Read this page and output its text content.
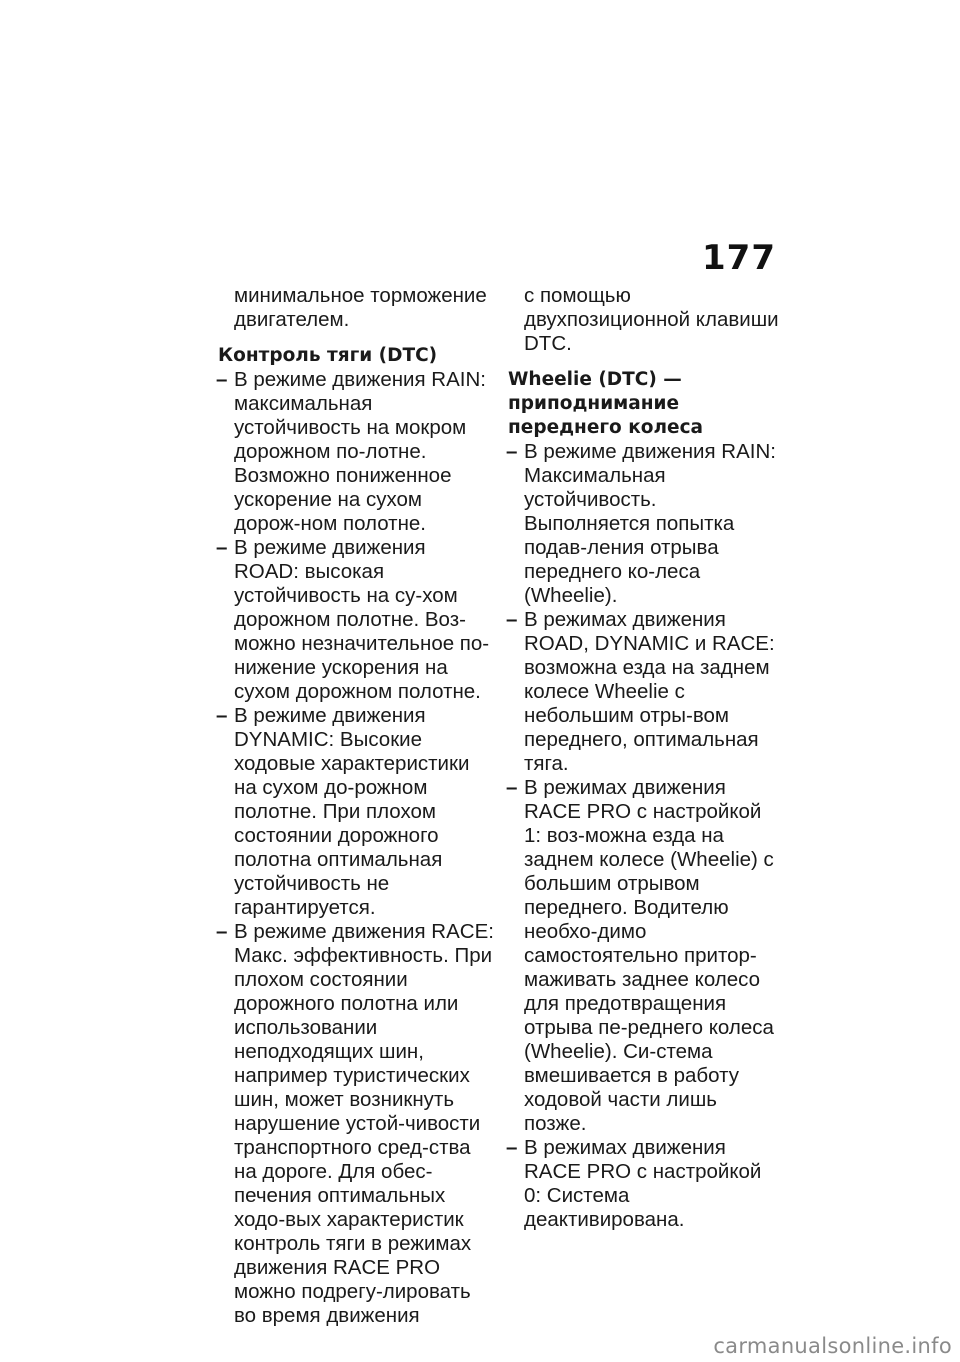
177

минимальное торможение двигателем.

Контроль тяги (DTC)
– В режиме движения RAIN: максимальная устойчивость на мокром дорожном по-лотне. Возможно пониженное ускорение на сухом дорож-ном полотне.
– В режиме движения ROAD: высокая устойчивость на су-хом дорожном полотне. Воз-можно незначительное по-нижение ускорения на сухом дорожном полотне.
– В режиме движения DYNAMIC: Высокие ходовые характеристики на сухом до-рожном полотне. При плохом состоянии дорожного полотна оптимальная устойчивость не гарантируется.
– В режиме движения RACE: Макс. эффективность. При плохом состоянии дорожного полотна или использовании неподходящих шин, например туристических шин, может возникнуть нарушение устой-чивости транспортного сред-ства на дороге. Для обес-печения оптимальных ходо-вых характеристик контроль тяги в режимах движения RACE PRO можно подрегу-лировать во время движения

с помощью двухпозиционной клавиши DTC.

Wheelie (DTC) — приподнимание переднего колеса
– В режиме движения RAIN: Максимальная устойчивость. Выполняется попытка подав-ления отрыва переднего ко-леса (Wheelie).
– В режимах движения ROAD, DYNAMIC и RACE: возможна езда на заднем колесе Wheelie с небольшим отры-вом переднего, оптимальная тяга.
– В режимах движения RACE PRO с настройкой 1: воз-можна езда на заднем колесе (Wheelie) с большим отрывом переднего. Водителю необхо-димо самостоятельно притор-маживать заднее колесо для предотвращения отрыва пе-реднего колеса (Wheelie). Си-стема вмешивается в работу ходовой части лишь позже.
– В режимах движения RACE PRO с настройкой 0: Система деактивирована.
carmanualsonline.info
